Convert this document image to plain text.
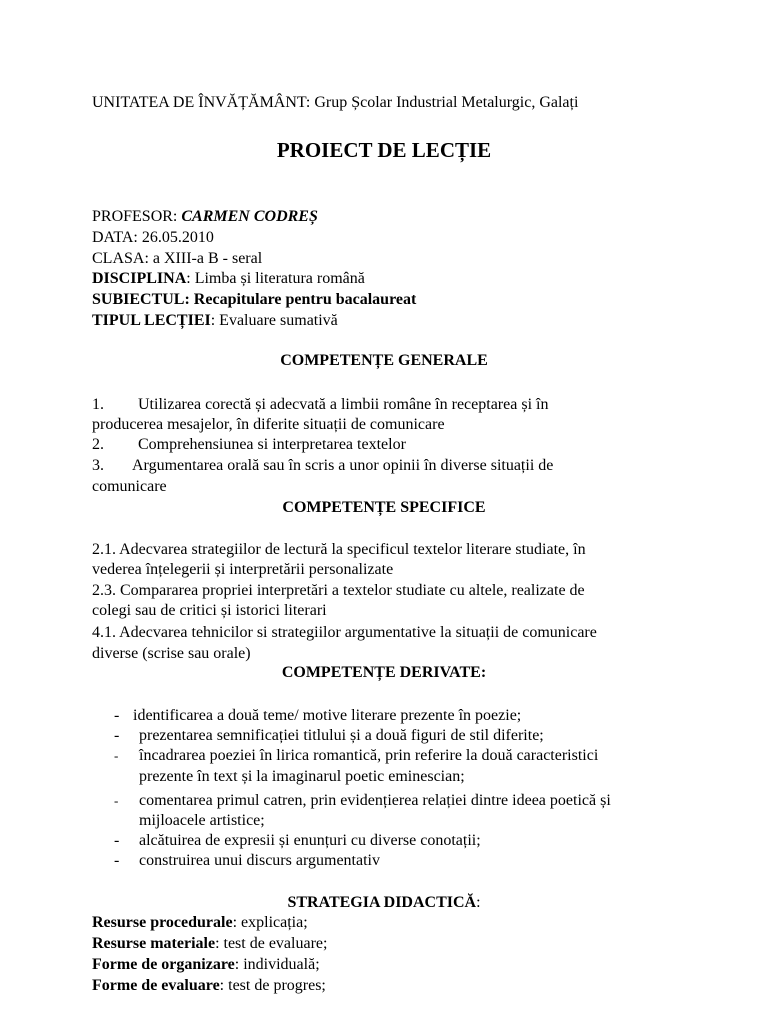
UNITATEA DE ÎNVĂȚĂMÂNT: Grup Școlar Industrial Metalurgic, Galați
PROIECT DE LECȚIE
PROFESOR: CARMEN CODREȘ
DATA: 26.05.2010
CLASA: a XIII-a B - seral
DISCIPLINA: Limba și literatura română
SUBIECTUL: Recapitulare pentru bacalaureat
TIPUL LECȚIEI: Evaluare sumativă
COMPETENȚE GENERALE
1. Utilizarea corectă și adecvată a limbii române în receptarea și în
producerea mesajelor, în diferite situații de comunicare
2. Comprehensiunea si interpretarea textelor
3. Argumentarea orală sau în scris a unor opinii în diverse situații de
comunicare
COMPETENȚE SPECIFICE
2.1. Adecvarea strategiilor de lectură la specificul textelor literare studiate, în
vederea înțelegerii și interpretării personalizate
2.3. Compararea propriei interpretări a textelor studiate cu altele, realizate de
colegi sau de critici și istorici literari
4.1. Adecvarea tehnicilor si strategiilor argumentative la situații de comunicare
diverse (scrise sau orale)
COMPETENȚE DERIVATE:
- identificarea a două teme/ motive literare prezente în poezie;
- prezentarea semnificației titlului și a două figuri de stil diferite;
- încadrarea poeziei în lirica romantică, prin referire la două caracteristici
prezente în text și la imaginarul poetic eminescian;
- comentarea primul catren, prin evidențierea relației dintre ideea poetică și
mijloacele artistice;
- alcătuirea de expresii și enunțuri cu diverse conotații;
- construirea unui discurs argumentativ
STRATEGIA DIDACTICĂ:
Resurse procedurale: explicația;
Resurse materiale: test de evaluare;
Forme de organizare: individuală;
Forme de evaluare: test de progres;
